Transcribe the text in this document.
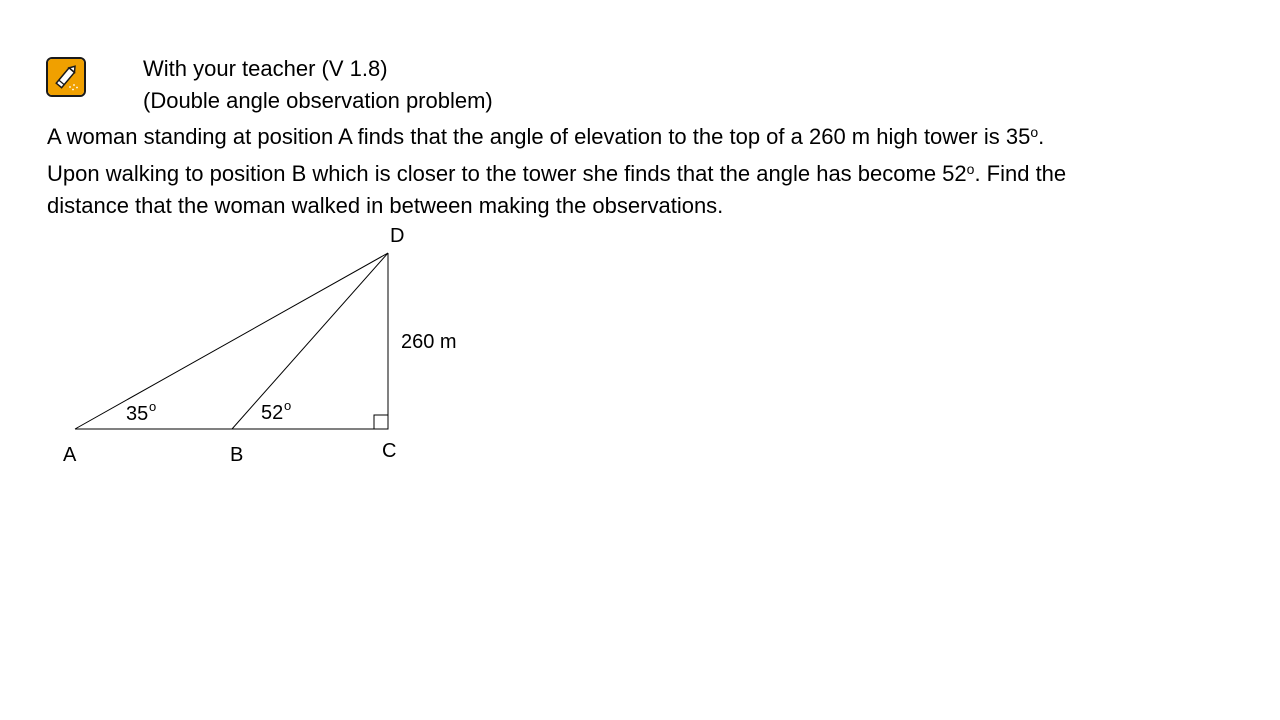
With your teacher (V 1.8)
(Double angle observation problem)
A woman standing at position A finds that the angle of elevation to the top of a 260 m high tower is 35$^o$.
Upon walking to position B which is closer to the tower she finds that the angle has become 52$^o$. Find the
distance that the woman walked in between making the observations.
D
A	B	C
260 m
35 o	52 o
